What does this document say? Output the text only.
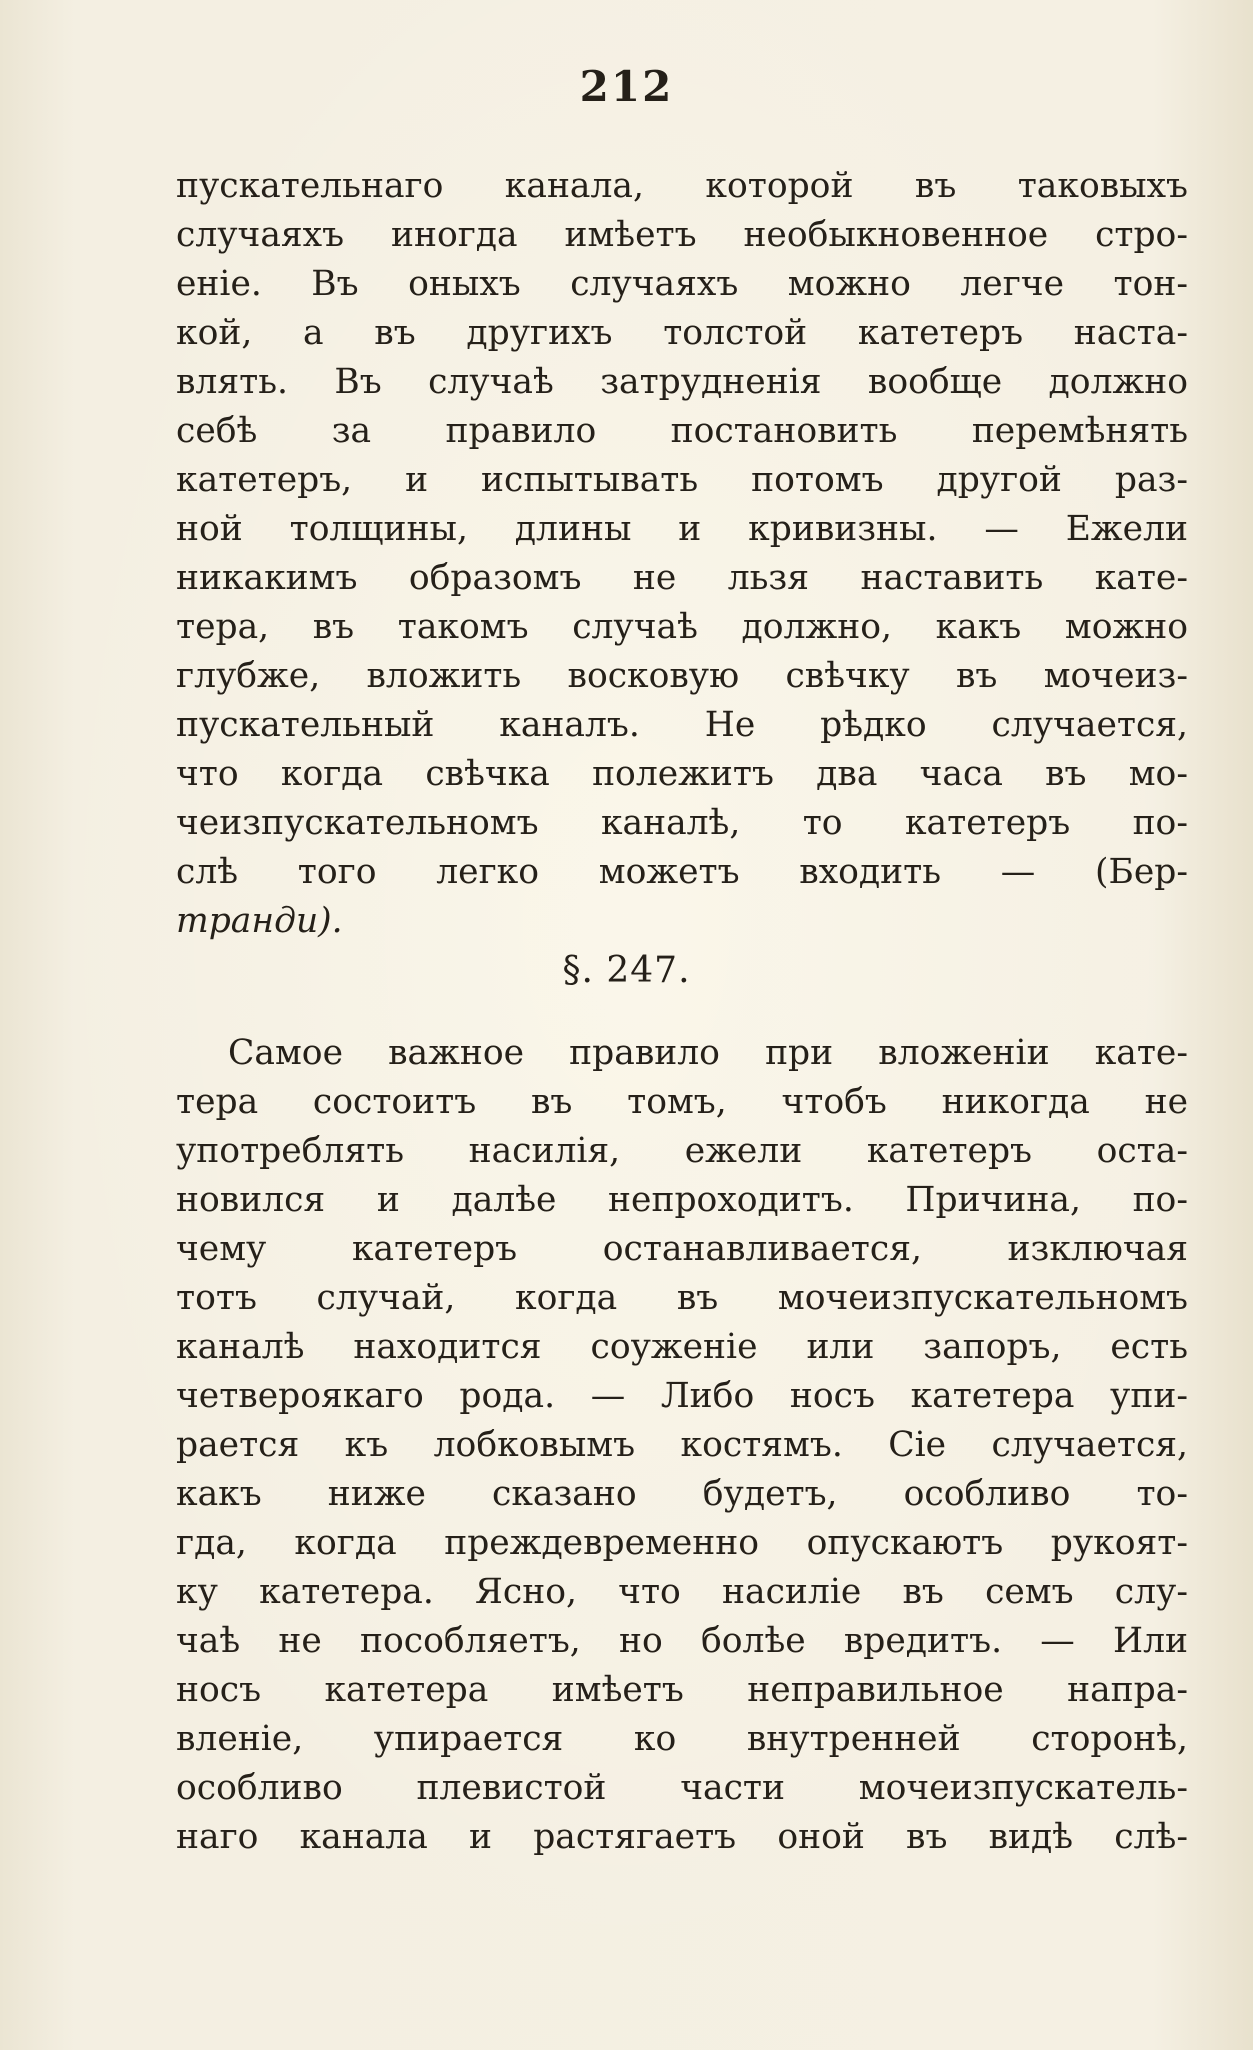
212
пускательнаго канала, которой въ таковыхъ
случаяхъ иногда имѣетъ необыкновенное стро-
еніе. Въ оныхъ случаяхъ можно легче тон-
кой, а въ другихъ толстой катетеръ наста-
влять. Въ случаѣ затрудненія вообще должно
себѣ за правило постановить перемѣнять
катетеръ, и испытывать потомъ другой раз-
ной толщины, длины и кривизны. — Ежели
никакимъ образомъ не льзя наставить кате-
тера, въ такомъ случаѣ должно, какъ можно
глубже, вложить восковую свѣчку въ мочеиз-
пускательный каналъ. Не рѣдко случается,
что когда свѣчка полежитъ два часа въ мо-
чеизпускательномъ каналѣ, то катетеръ по-
слѣ того легко можетъ входить — (Бер-
транди).
§. 247.
Самое важное правило при вложеніи кате-
тера состоитъ въ томъ, чтобъ никогда не
употреблять насилія, ежели катетеръ оста-
новился и далѣе непроходитъ. Причина, по-
чему катетеръ останавливается, изключая
тотъ случай, когда въ мочеизпускательномъ
каналѣ находится соуженіе или запоръ, есть
четвероякаго рода. — Либо носъ катетера упи-
рается къ лобковымъ костямъ. Сіе случается,
какъ ниже сказано будетъ, особливо то-
гда, когда преждевременно опускаютъ рукоят-
ку катетера. Ясно, что насиліе въ семъ слу-
чаѣ не пособляетъ, но болѣе вредитъ. — Или
носъ катетера имѣетъ неправильное напра-
вленіе, упирается ко внутренней сторонѣ,
особливо плевистой части мочеизпускатель-
наго канала и растягаетъ оной въ видѣ слѣ-
